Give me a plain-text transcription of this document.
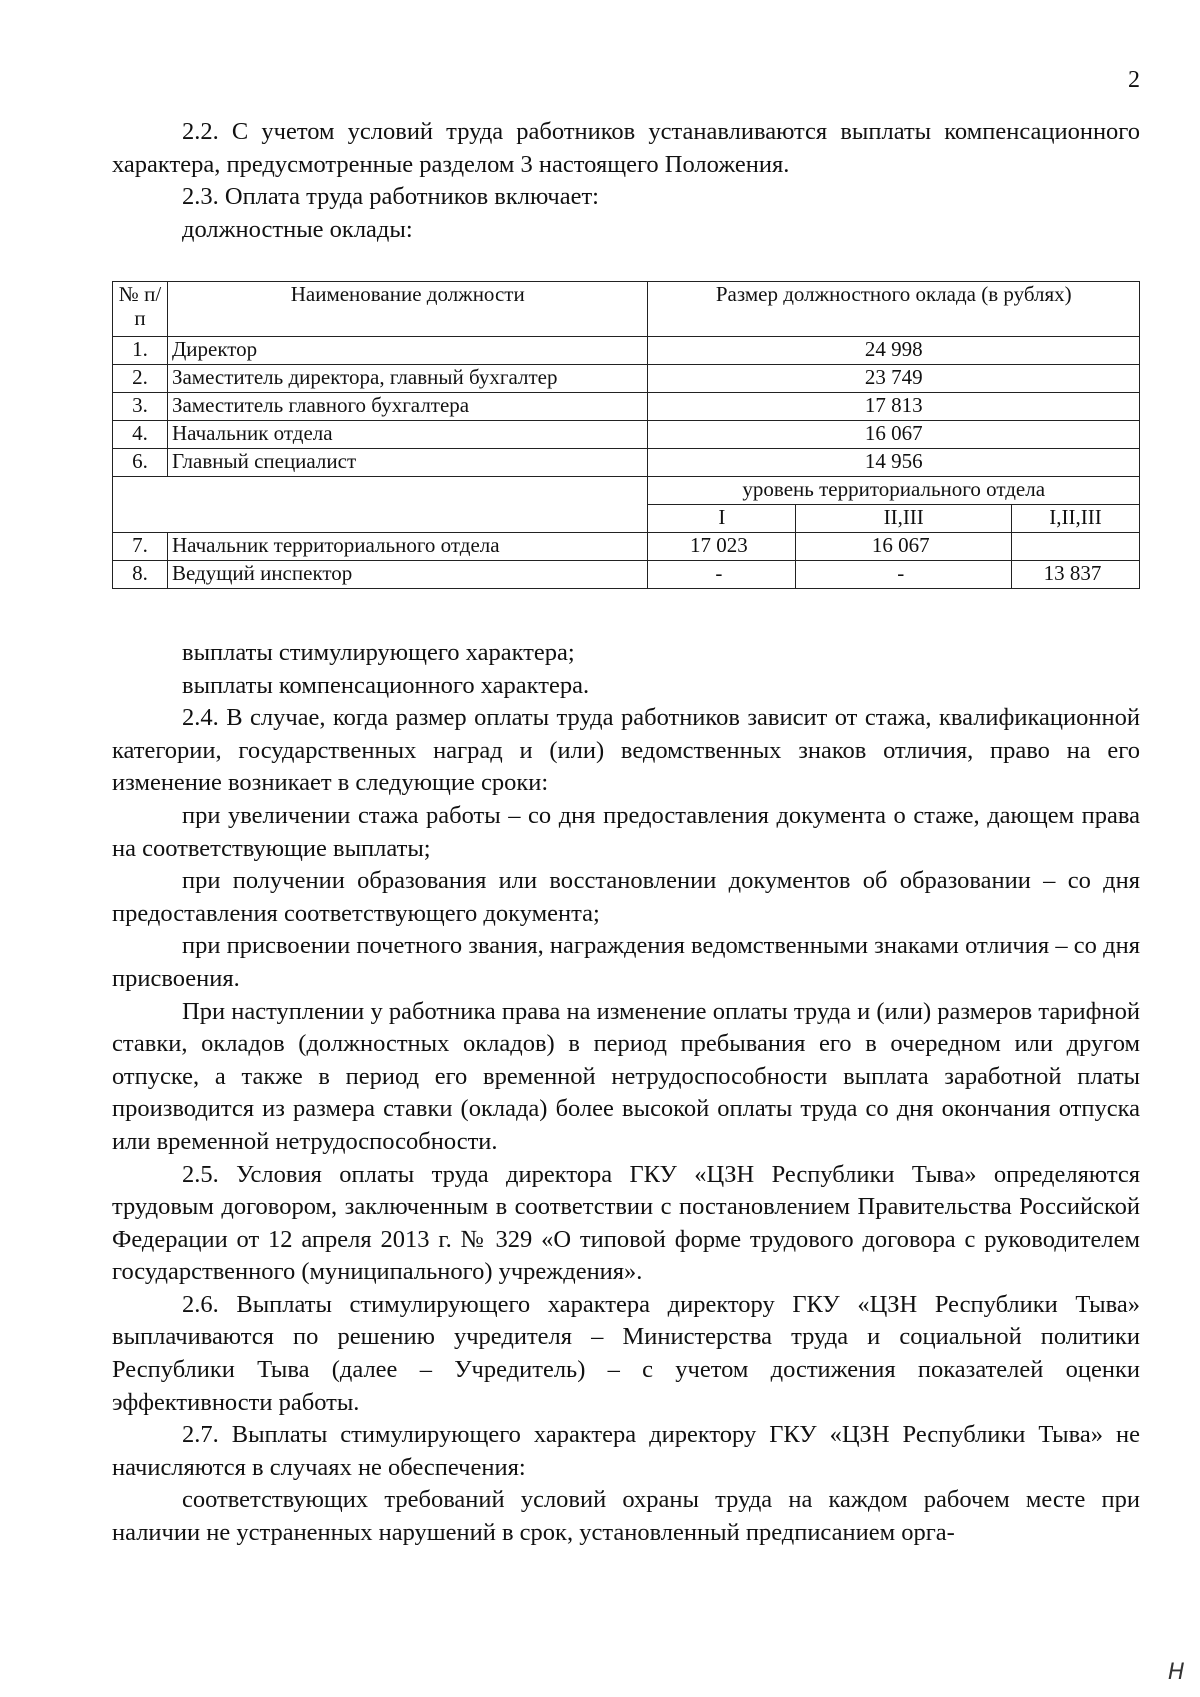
2

2.2. С учетом условий труда работников устанавливаются выплаты компенсационного характера, предусмотренные разделом 3 настоящего Положения.

2.3. Оплата труда работников включает:

должностные оклады:

№ п/п	Наименование должности	Размер должностного оклада (в рублях)		
1.	Директор	24 998		
2.	Заместитель директора, главный бухгалтер	23 749		
3.	Заместитель главного бухгалтера	17 813		
4.	Начальник отдела	16 067		
6.	Главный специалист	14 956		
		уровень территориального отдела		
		I	II,III	I,II,III
7.	Начальник территориального отдела	17 023	16 067	
8.	Ведущий инспектор	-	-	13 837

выплаты стимулирующего характера;

выплаты компенсационного характера.

2.4. В случае, когда размер оплаты труда работников зависит от стажа, квалификационной категории, государственных наград и (или) ведомственных знаков отличия, право на его изменение возникает в следующие сроки:

при увеличении стажа работы – со дня предоставления документа о стаже, дающем права на соответствующие выплаты;

при получении образования или восстановлении документов об образовании – со дня предоставления соответствующего документа;

при присвоении почетного звания, награждения ведомственными знаками отличия – со дня присвоения.

При наступлении у работника права на изменение оплаты труда и (или) размеров тарифной ставки, окладов (должностных окладов) в период пребывания его в очередном или другом отпуске, а также в период его временной нетрудоспособности выплата заработной платы производится из размера ставки (оклада) более высокой оплаты труда со дня окончания отпуска или временной нетрудоспособности.

2.5. Условия оплаты труда директора ГКУ «ЦЗН Республики Тыва» определяются трудовым договором, заключенным в соответствии с постановлением Правительства Российской Федерации от 12 апреля 2013 г. № 329 «О типовой форме трудового договора с руководителем государственного (муниципального) учреждения».

2.6. Выплаты стимулирующего характера директору ГКУ «ЦЗН Республики Тыва» выплачиваются по решению учредителя – Министерства труда и социальной политики Республики Тыва (далее – Учредитель) – с учетом достижения показателей оценки эффективности работы.

2.7. Выплаты стимулирующего характера директору ГКУ «ЦЗН Республики Тыва» не начисляются в случаях не обеспечения:

соответствующих требований условий охраны труда на каждом рабочем месте при наличии не устраненных нарушений в срок, установленный предписанием орга-

Н
